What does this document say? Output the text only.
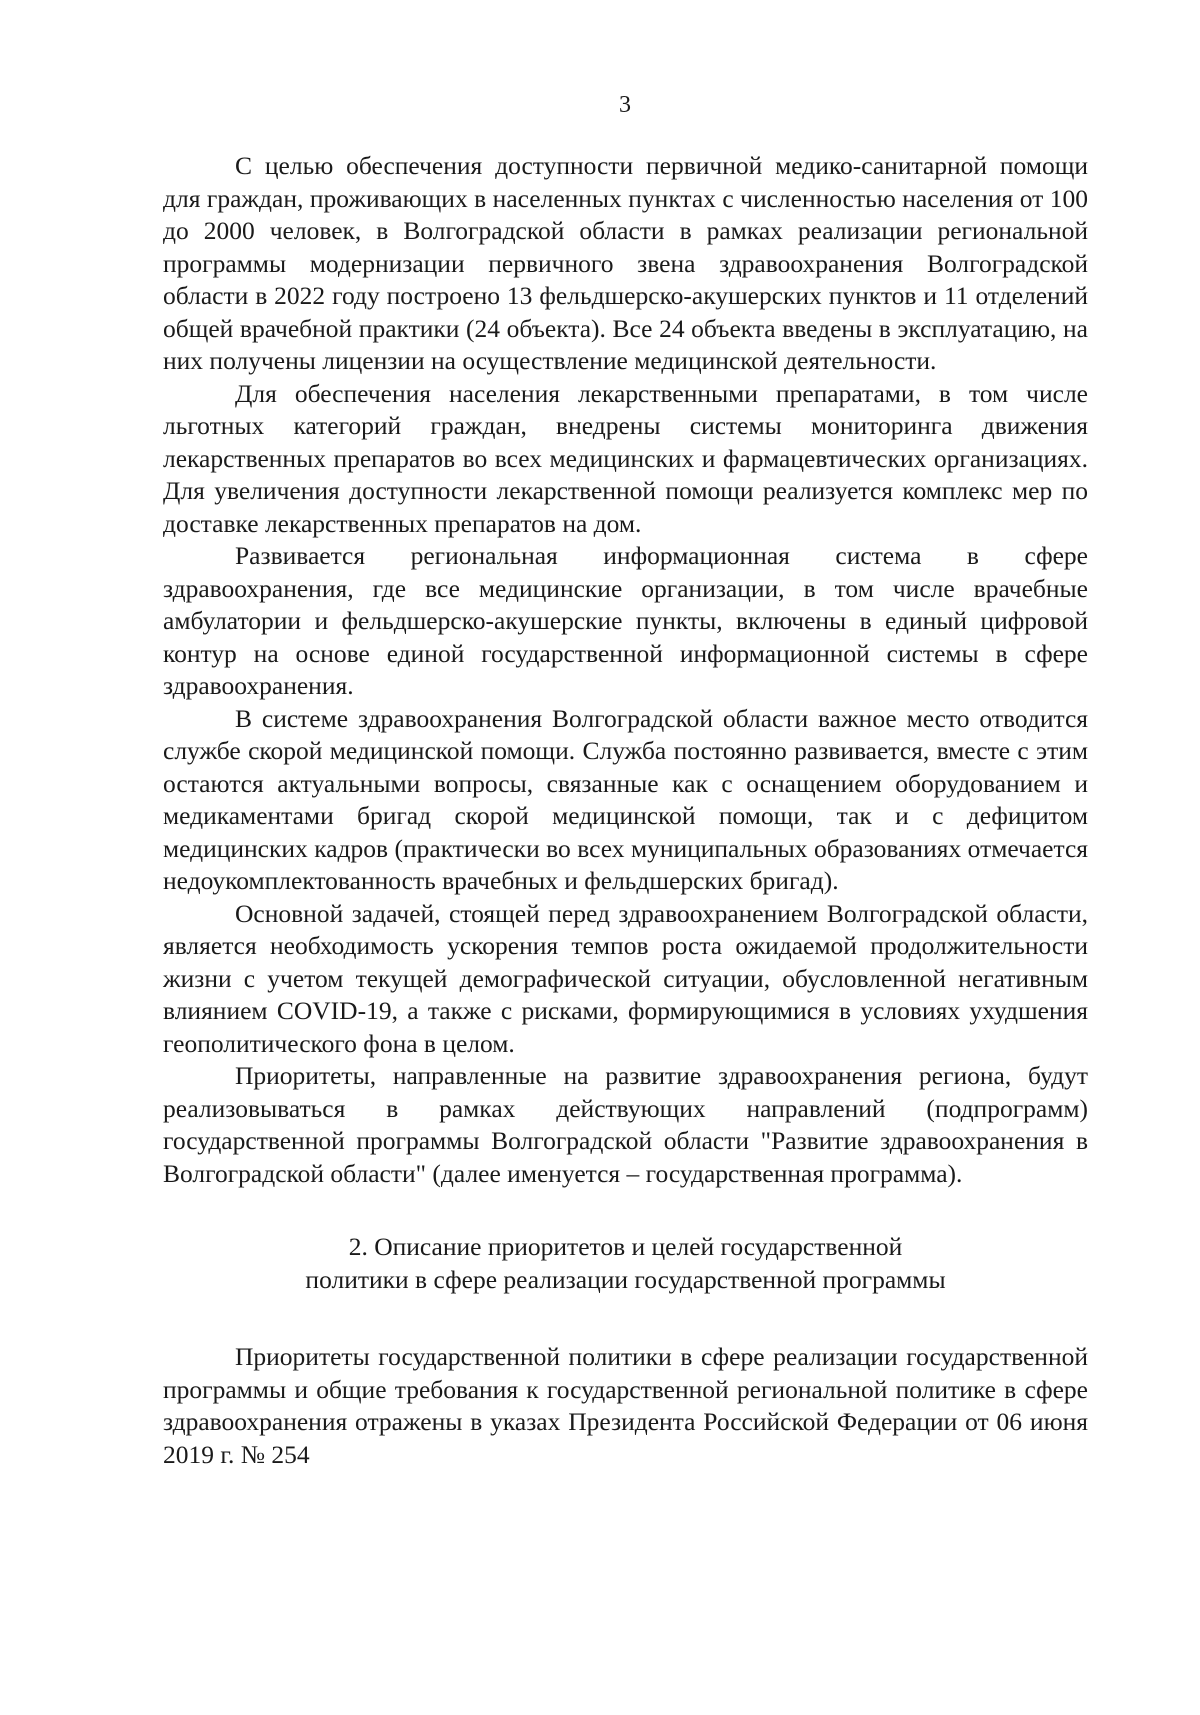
3

С целью обеспечения доступности первичной медико-санитарной помощи для граждан, проживающих в населенных пунктах с численностью населения от 100 до 2000 человек, в Волгоградской области в рамках реализации региональной программы модернизации первичного звена здравоохранения Волгоградской области в 2022 году построено 13 фельдшерско-акушерских пунктов и 11 отделений общей врачебной практики (24 объекта). Все 24 объекта введены в эксплуатацию, на них получены лицензии на осуществление медицинской деятельности.

Для обеспечения населения лекарственными препаратами, в том числе льготных категорий граждан, внедрены системы мониторинга движения лекарственных препаратов во всех медицинских и фармацевтических организациях. Для увеличения доступности лекарственной помощи реализуется комплекс мер по доставке лекарственных препаратов на дом.

Развивается региональная информационная система в сфере здравоохранения, где все медицинские организации, в том числе врачебные амбулатории и фельдшерско-акушерские пункты, включены в единый цифровой контур на основе единой государственной информационной системы в сфере здравоохранения.

В системе здравоохранения Волгоградской области важное место отводится службе скорой медицинской помощи. Служба постоянно развивается, вместе с этим остаются актуальными вопросы, связанные как с оснащением оборудованием и медикаментами бригад скорой медицинской помощи, так и с дефицитом медицинских кадров (практически во всех муниципальных образованиях отмечается недоукомплектованность врачебных и фельдшерских бригад).

Основной задачей, стоящей перед здравоохранением Волгоградской области, является необходимость ускорения темпов роста ожидаемой продолжительности жизни с учетом текущей демографической ситуации, обусловленной негативным влиянием COVID-19, а также с рисками, формирующимися в условиях ухудшения геополитического фона в целом.

Приоритеты, направленные на развитие здравоохранения региона, будут реализовываться в рамках действующих направлений (подпрограмм) государственной программы Волгоградской области "Развитие здравоохранения в Волгоградской области" (далее именуется – государственная программа).

2. Описание приоритетов и целей государственной
политики в сфере реализации государственной программы

Приоритеты государственной политики в сфере реализации государственной программы и общие требования к государственной региональной политике в сфере здравоохранения отражены в указах Президента Российской Федерации от 06 июня 2019 г. № 254
